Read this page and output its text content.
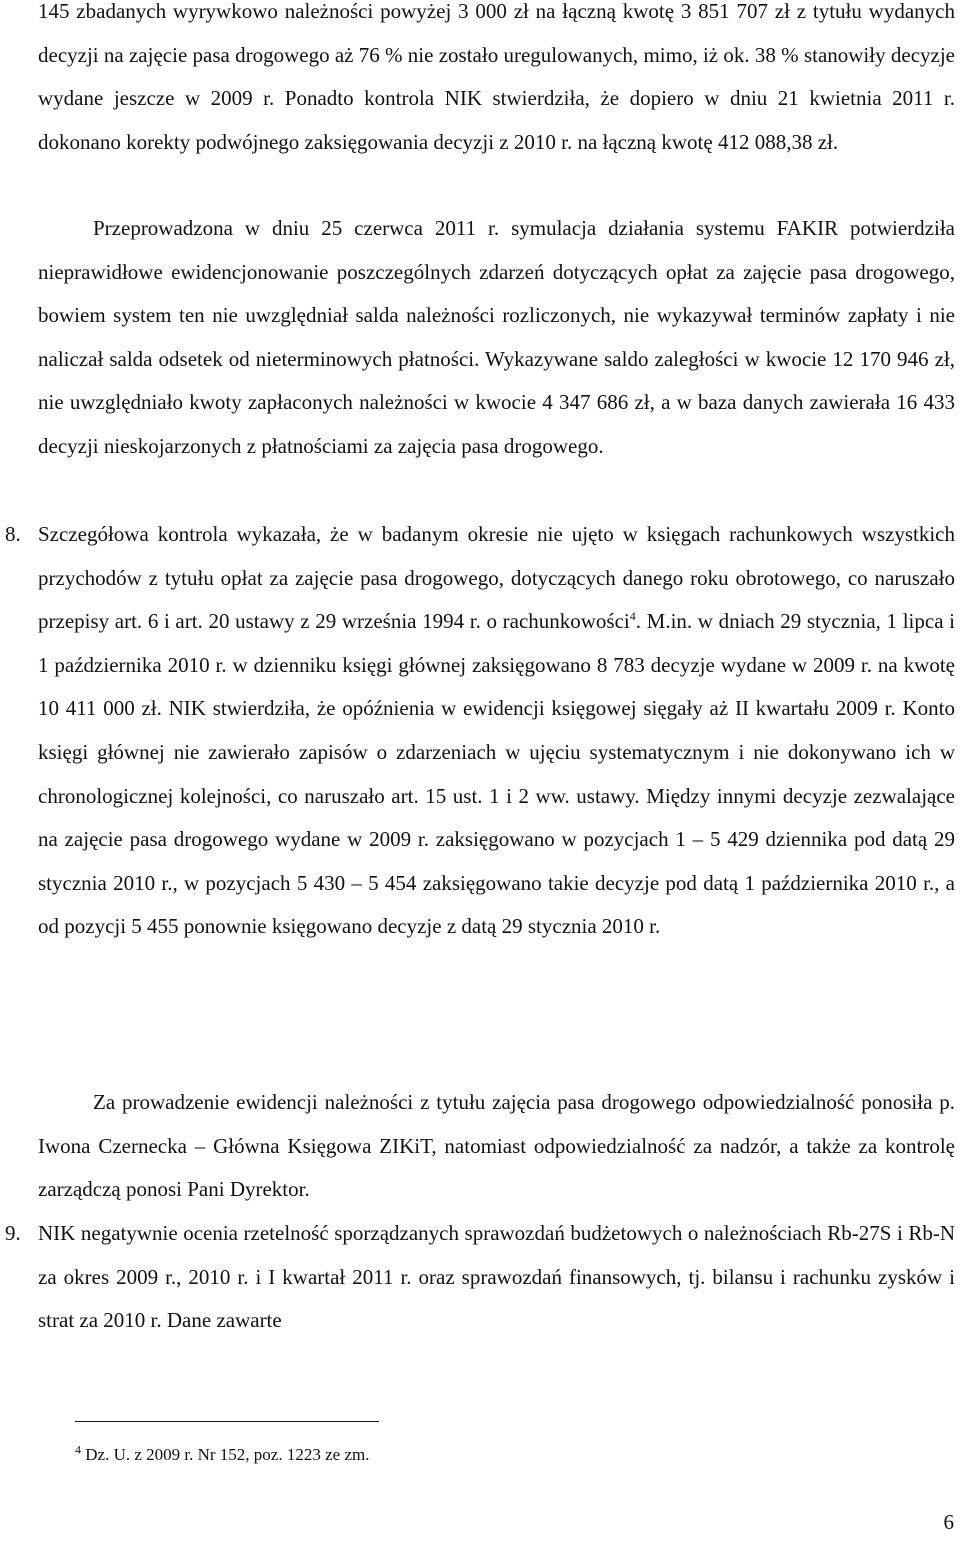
145 zbadanych wyrywkowo należności powyżej 3 000 zł na łączną kwotę 3 851 707 zł z tytułu wydanych decyzji na zajęcie pasa drogowego aż 76 % nie zostało uregulowanych, mimo, iż ok. 38 % stanowiły decyzje wydane jeszcze w 2009 r. Ponadto kontrola NIK stwierdziła, że dopiero w dniu 21 kwietnia 2011 r. dokonano korekty podwójnego zaksięgowania decyzji z 2010 r. na łączną kwotę 412 088,38 zł.

Przeprowadzona w dniu 25 czerwca 2011 r. symulacja działania systemu FAKIR potwierdziła nieprawidłowe ewidencjonowanie poszczególnych zdarzeń dotyczących opłat za zajęcie pasa drogowego, bowiem system ten nie uwzględniał salda należności rozliczonych, nie wykazywał terminów zapłaty i nie naliczał salda odsetek od nieterminowych płatności. Wykazywane saldo zaległości w kwocie 12 170 946 zł, nie uwzględniało kwoty zapłaconych należności w kwocie 4 347 686 zł, a w baza danych zawierała 16 433 decyzji nieskojarzonych z płatnościami za zajęcia pasa drogowego.

8. Szczegółowa kontrola wykazała, że w badanym okresie nie ujęto w księgach rachunkowych wszystkich przychodów z tytułu opłat za zajęcie pasa drogowego, dotyczących danego roku obrotowego, co naruszało przepisy art. 6 i art. 20 ustawy z 29 września 1994 r. o rachunkowości$^4$. M.in. w dniach 29 stycznia, 1 lipca i 1 października 2010 r. w dzienniku księgi głównej zaksięgowano 8 783 decyzje wydane w 2009 r. na kwotę 10 411 000 zł. NIK stwierdziła, że opóźnienia w ewidencji księgowej sięgały aż II kwartału 2009 r. Konto księgi głównej nie zawierało zapisów o zdarzeniach w ujęciu systematycznym i nie dokonywano ich w chronologicznej kolejności, co naruszało art. 15 ust. 1 i 2 ww. ustawy. Między innymi decyzje zezwalające na zajęcie pasa drogowego wydane w 2009 r. zaksięgowano w pozycjach 1 – 5 429 dziennika pod datą 29 stycznia 2010 r., w pozycjach 5 430 – 5 454 zaksięgowano takie decyzje pod datą 1 października 2010 r., a od pozycji 5 455 ponownie księgowano decyzje z datą 29 stycznia 2010 r.

Za prowadzenie ewidencji należności z tytułu zajęcia pasa drogowego odpowiedzialność ponosiła p. Iwona Czernecka – Główna Księgowa ZIKiT, natomiast odpowiedzialność za nadzór, a także za kontrolę zarządczą ponosi Pani Dyrektor.

9. NIK negatywnie ocenia rzetelność sporządzanych sprawozdań budżetowych o należnościach Rb-27S i Rb-N za okres 2009 r., 2010 r. i I kwartał 2011 r. oraz sprawozdań finansowych, tj. bilansu i rachunku zysków i strat za 2010 r. Dane zawarte

$^4$ Dz. U. z 2009 r. Nr 152, poz. 1223 ze zm.

6
